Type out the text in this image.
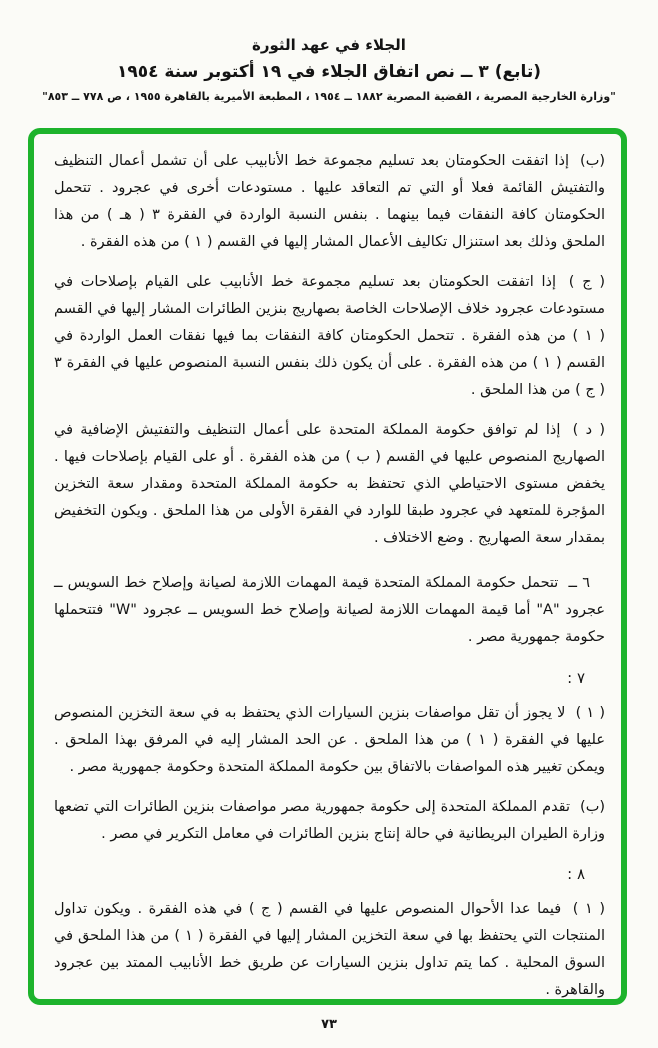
الجلاء في عهد الثورة
(تابع) ٣ ــ نص اتفاق الجلاء في ١٩ أكتوبر سنة ١٩٥٤
"وزارة الخارجية المصرية ، القضية المصرية ١٨٨٢ ــ ١٩٥٤ ، المطبعة الأميرية بالقاهرة ١٩٥٥ ، ص ٧٧٨ ــ ٨٥٣"

(ب) إذا اتفقت الحكومتان بعد تسليم مجموعة خط الأنابيب على أن تشمل أعمال التنظيف والتفتيش القائمة فعلا أو التي تم التعاقد عليها . مستودعات أخرى في عجرود . تتحمل الحكومتان كافة النفقات فيما بينهما . بنفس النسبة الواردة في الفقرة ٣ ( هـ ) من هذا الملحق وذلك بعد استنزال تكاليف الأعمال المشار إليها في القسم ( ١ ) من هذه الفقرة .

( ج ) إذا اتفقت الحكومتان بعد تسليم مجموعة خط الأنابيب على القيام بإصلاحات في مستودعات عجرود خلاف الإصلاحات الخاصة بصهاريج بنزين الطائرات المشار إليها في القسم ( ١ ) من هذه الفقرة . تتحمل الحكومتان كافة النفقات بما فيها نفقات العمل الواردة في القسم ( ١ ) من هذه الفقرة . على أن يكون ذلك بنفس النسبة المنصوص عليها في الفقرة ٣ ( ج ) من هذا الملحق .

( د ) إذا لم توافق حكومة المملكة المتحدة على أعمال التنظيف والتفتيش الإضافية في الصهاريج المنصوص عليها في القسم ( ب ) من هذه الفقرة . أو على القيام بإصلاحات فيها . يخفض مستوى الاحتياطي الذي تحتفظ به حكومة المملكة المتحدة ومقدار سعة التخزين المؤجرة للمتعهد في عجرود طبقا للوارد في الفقرة الأولى من هذا الملحق . ويكون التخفيض بمقدار سعة الصهاريج . وضع الاختلاف .

٦ ــ تتحمل حكومة المملكة المتحدة قيمة المهمات اللازمة لصيانة وإصلاح خط السويس ــ عجرود "A" أما قيمة المهمات اللازمة لصيانة وإصلاح خط السويس ــ عجرود "W" فتتحملها حكومة جمهورية مصر .

٧ :

( ١ ) لا يجوز أن تقل مواصفات بنزين السيارات الذي يحتفظ به في سعة التخزين المنصوص عليها في الفقرة ( ١ ) من هذا الملحق . عن الحد المشار إليه في المرفق بهذا الملحق . ويمكن تغيير هذه المواصفات بالاتفاق بين حكومة المملكة المتحدة وحكومة جمهورية مصر .

(ب) تقدم المملكة المتحدة إلى حكومة جمهورية مصر مواصفات بنزين الطائرات التي تضعها وزارة الطيران البريطانية في حالة إنتاج بنزين الطائرات في معامل التكرير في مصر .

٨ :

( ١ ) فيما عدا الأحوال المنصوص عليها في القسم ( ج ) في هذه الفقرة . ويكون تداول المنتجات التي يحتفظ بها في سعة التخزين المشار إليها في الفقرة ( ١ ) من هذا الملحق في السوق المحلية . كما يتم تداول بنزين السيارات عن طريق خط الأنابيب الممتد بين عجرود والقاهرة .

٧٣
